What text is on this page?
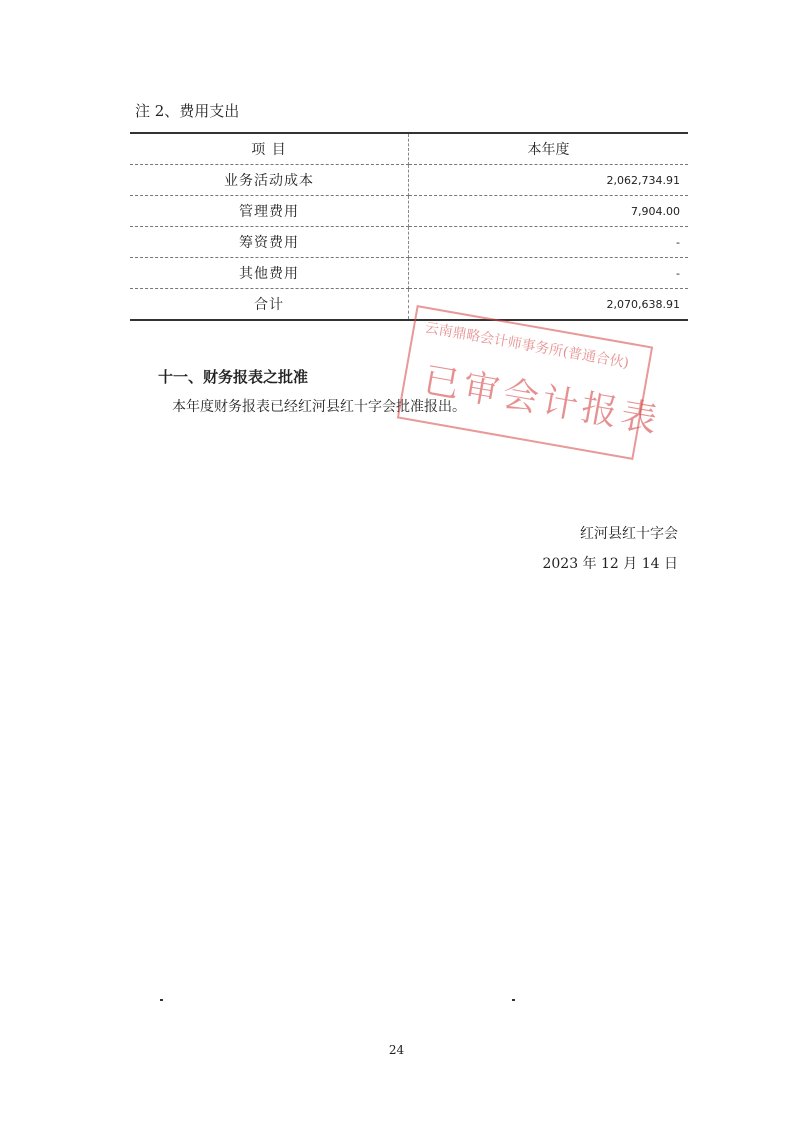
注 2、费用支出
项 目	本年度
业务活动成本	2,062,734.91
管理费用	7,904.00
筹资费用	-
其他费用	-
合计	2,070,638.91
十一、财务报表之批准
本年度财务报表已经红河县红十字会批准报出。
云南鼎略会计师事务所(普通合伙)
已审会计报表
红河县红十字会
2023 年 12 月 14 日
24
